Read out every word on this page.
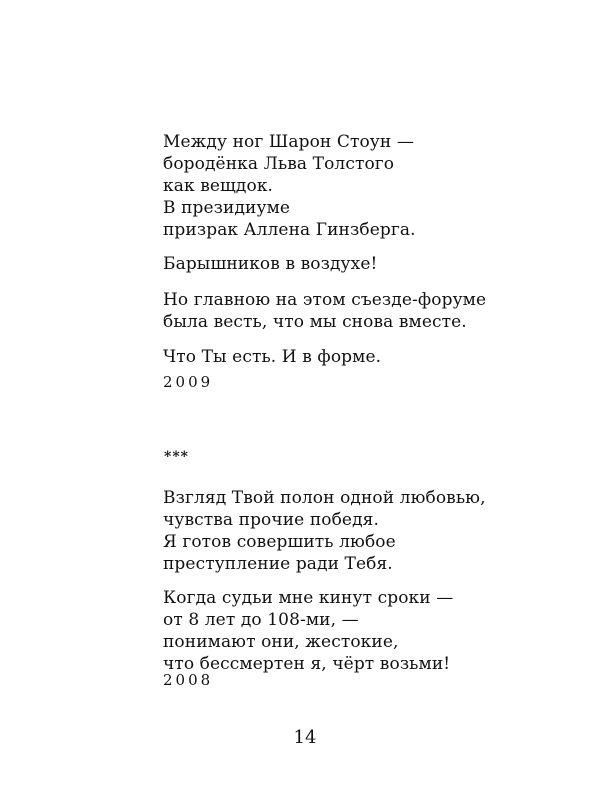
Между ног Шарон Стоун —
бородёнка Льва Толстого
как вещдок.
В президиуме
призрак Аллена Гинзберга.
Барышников в воздухе!
Но главною на этом съезде-форуме
была весть, что мы снова вместе.
Что Ты есть. И в форме.
2009
***
Взгляд Твой полон одной любовью,
чувства прочие победя.
Я готов совершить любое
преступление ради Тебя.
Когда судьи мне кинут сроки —
от 8 лет до 108-ми, —
понимают они, жестокие,
что бессмертен я, чёрт возьми!
2008
14
